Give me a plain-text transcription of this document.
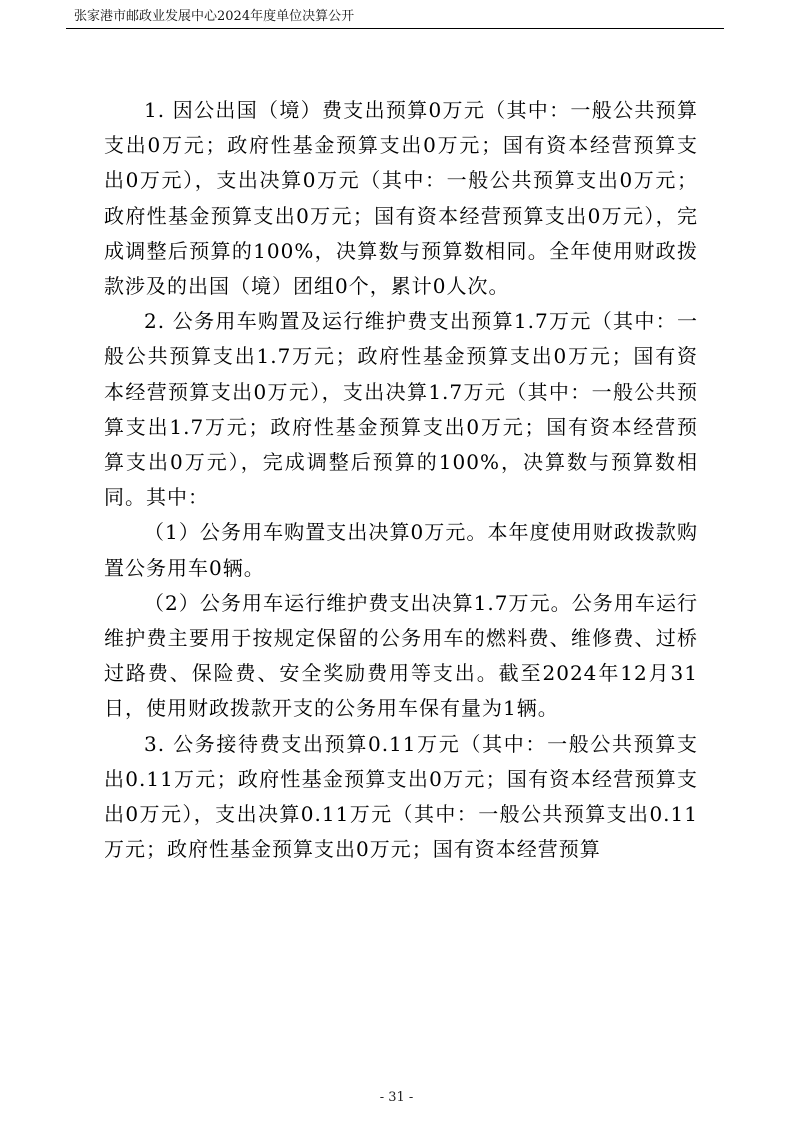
张家港市邮政业发展中心2024年度单位决算公开

1. 因公出国（境）费支出预算0万元（其中：一般公共预算支出0万元；政府性基金预算支出0万元；国有资本经营预算支出0万元），支出决算0万元（其中：一般公共预算支出0万元；政府性基金预算支出0万元；国有资本经营预算支出0万元），完成调整后预算的100%，决算数与预算数相同。全年使用财政拨款涉及的出国（境）团组0个，累计0人次。

2. 公务用车购置及运行维护费支出预算1.7万元（其中：一般公共预算支出1.7万元；政府性基金预算支出0万元；国有资本经营预算支出0万元），支出决算1.7万元（其中：一般公共预算支出1.7万元；政府性基金预算支出0万元；国有资本经营预算支出0万元），完成调整后预算的100%，决算数与预算数相同。其中：

（1）公务用车购置支出决算0万元。本年度使用财政拨款购置公务用车0辆。

（2）公务用车运行维护费支出决算1.7万元。公务用车运行维护费主要用于按规定保留的公务用车的燃料费、维修费、过桥过路费、保险费、安全奖励费用等支出。截至2024年12月31日，使用财政拨款开支的公务用车保有量为1辆。

3. 公务接待费支出预算0.11万元（其中：一般公共预算支出0.11万元；政府性基金预算支出0万元；国有资本经营预算支出0万元），支出决算0.11万元（其中：一般公共预算支出0.11万元；政府性基金预算支出0万元；国有资本经营预算

- 31 -
